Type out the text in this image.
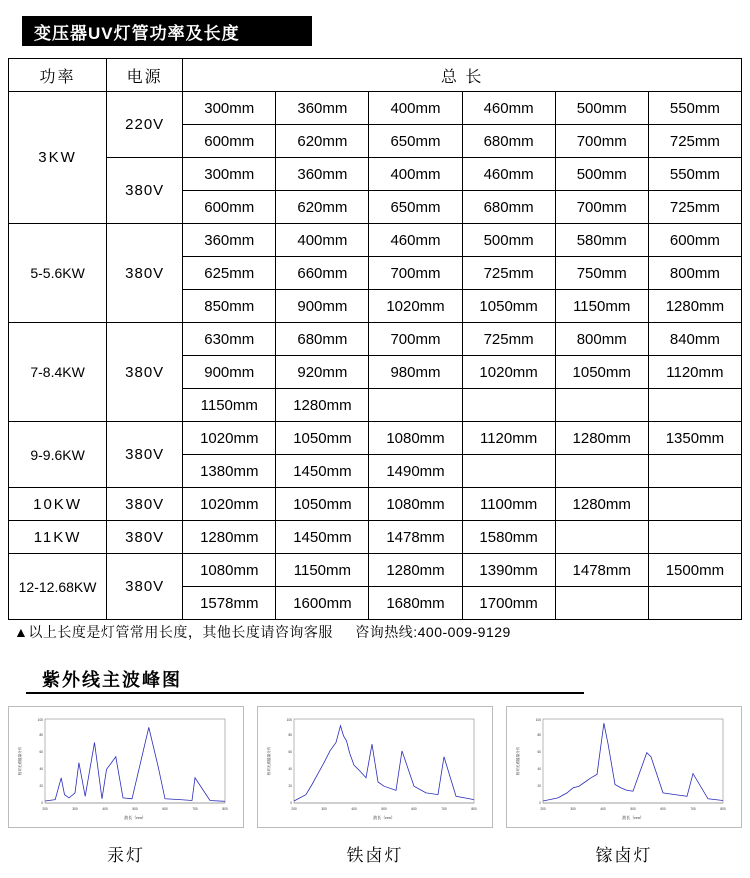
变压器UV灯管功率及长度
功率	电源	总 长					
3KW	220V	300mm	360mm	400mm	460mm	500mm	550mm
		600mm	620mm	650mm	680mm	700mm	725mm
	380V	300mm	360mm	400mm	460mm	500mm	550mm
		600mm	620mm	650mm	680mm	700mm	725mm
5-5.6KW	380V	360mm	400mm	460mm	500mm	580mm	600mm
		625mm	660mm	700mm	725mm	750mm	800mm
		850mm	900mm	1020mm	1050mm	1150mm	1280mm
7-8.4KW	380V	630mm	680mm	700mm	725mm	800mm	840mm
		900mm	920mm	980mm	1020mm	1050mm	1120mm
		1150mm	1280mm				
9-9.6KW	380V	1020mm	1050mm	1080mm	1120mm	1280mm	1350mm
		1380mm	1450mm	1490mm			
10KW	380V	1020mm	1050mm	1080mm	1100mm	1280mm	
11KW	380V	1280mm	1450mm	1478mm	1580mm		
12-12.68KW	380V	1080mm	1150mm	1280mm	1390mm	1478mm	1500mm
		1578mm	1600mm	1680mm	1700mm		
▲以上长度是灯管常用长度，其他长度请咨询客服 咨询热线:400-009-9129
紫外线主波峰图
0
20
40
60
80
100
200	300	400	500	600	700	800
波长（nm）
相对光谱能量分布
汞灯
0
20
40
60
80
100
200	300	400	500	600	700	800
波长（nm）
相对光谱能量分布
铁卤灯
0
20
40
60
80
100
200	300	400	500	600	700	800
波长（nm）
相对光谱能量分布
镓卤灯
